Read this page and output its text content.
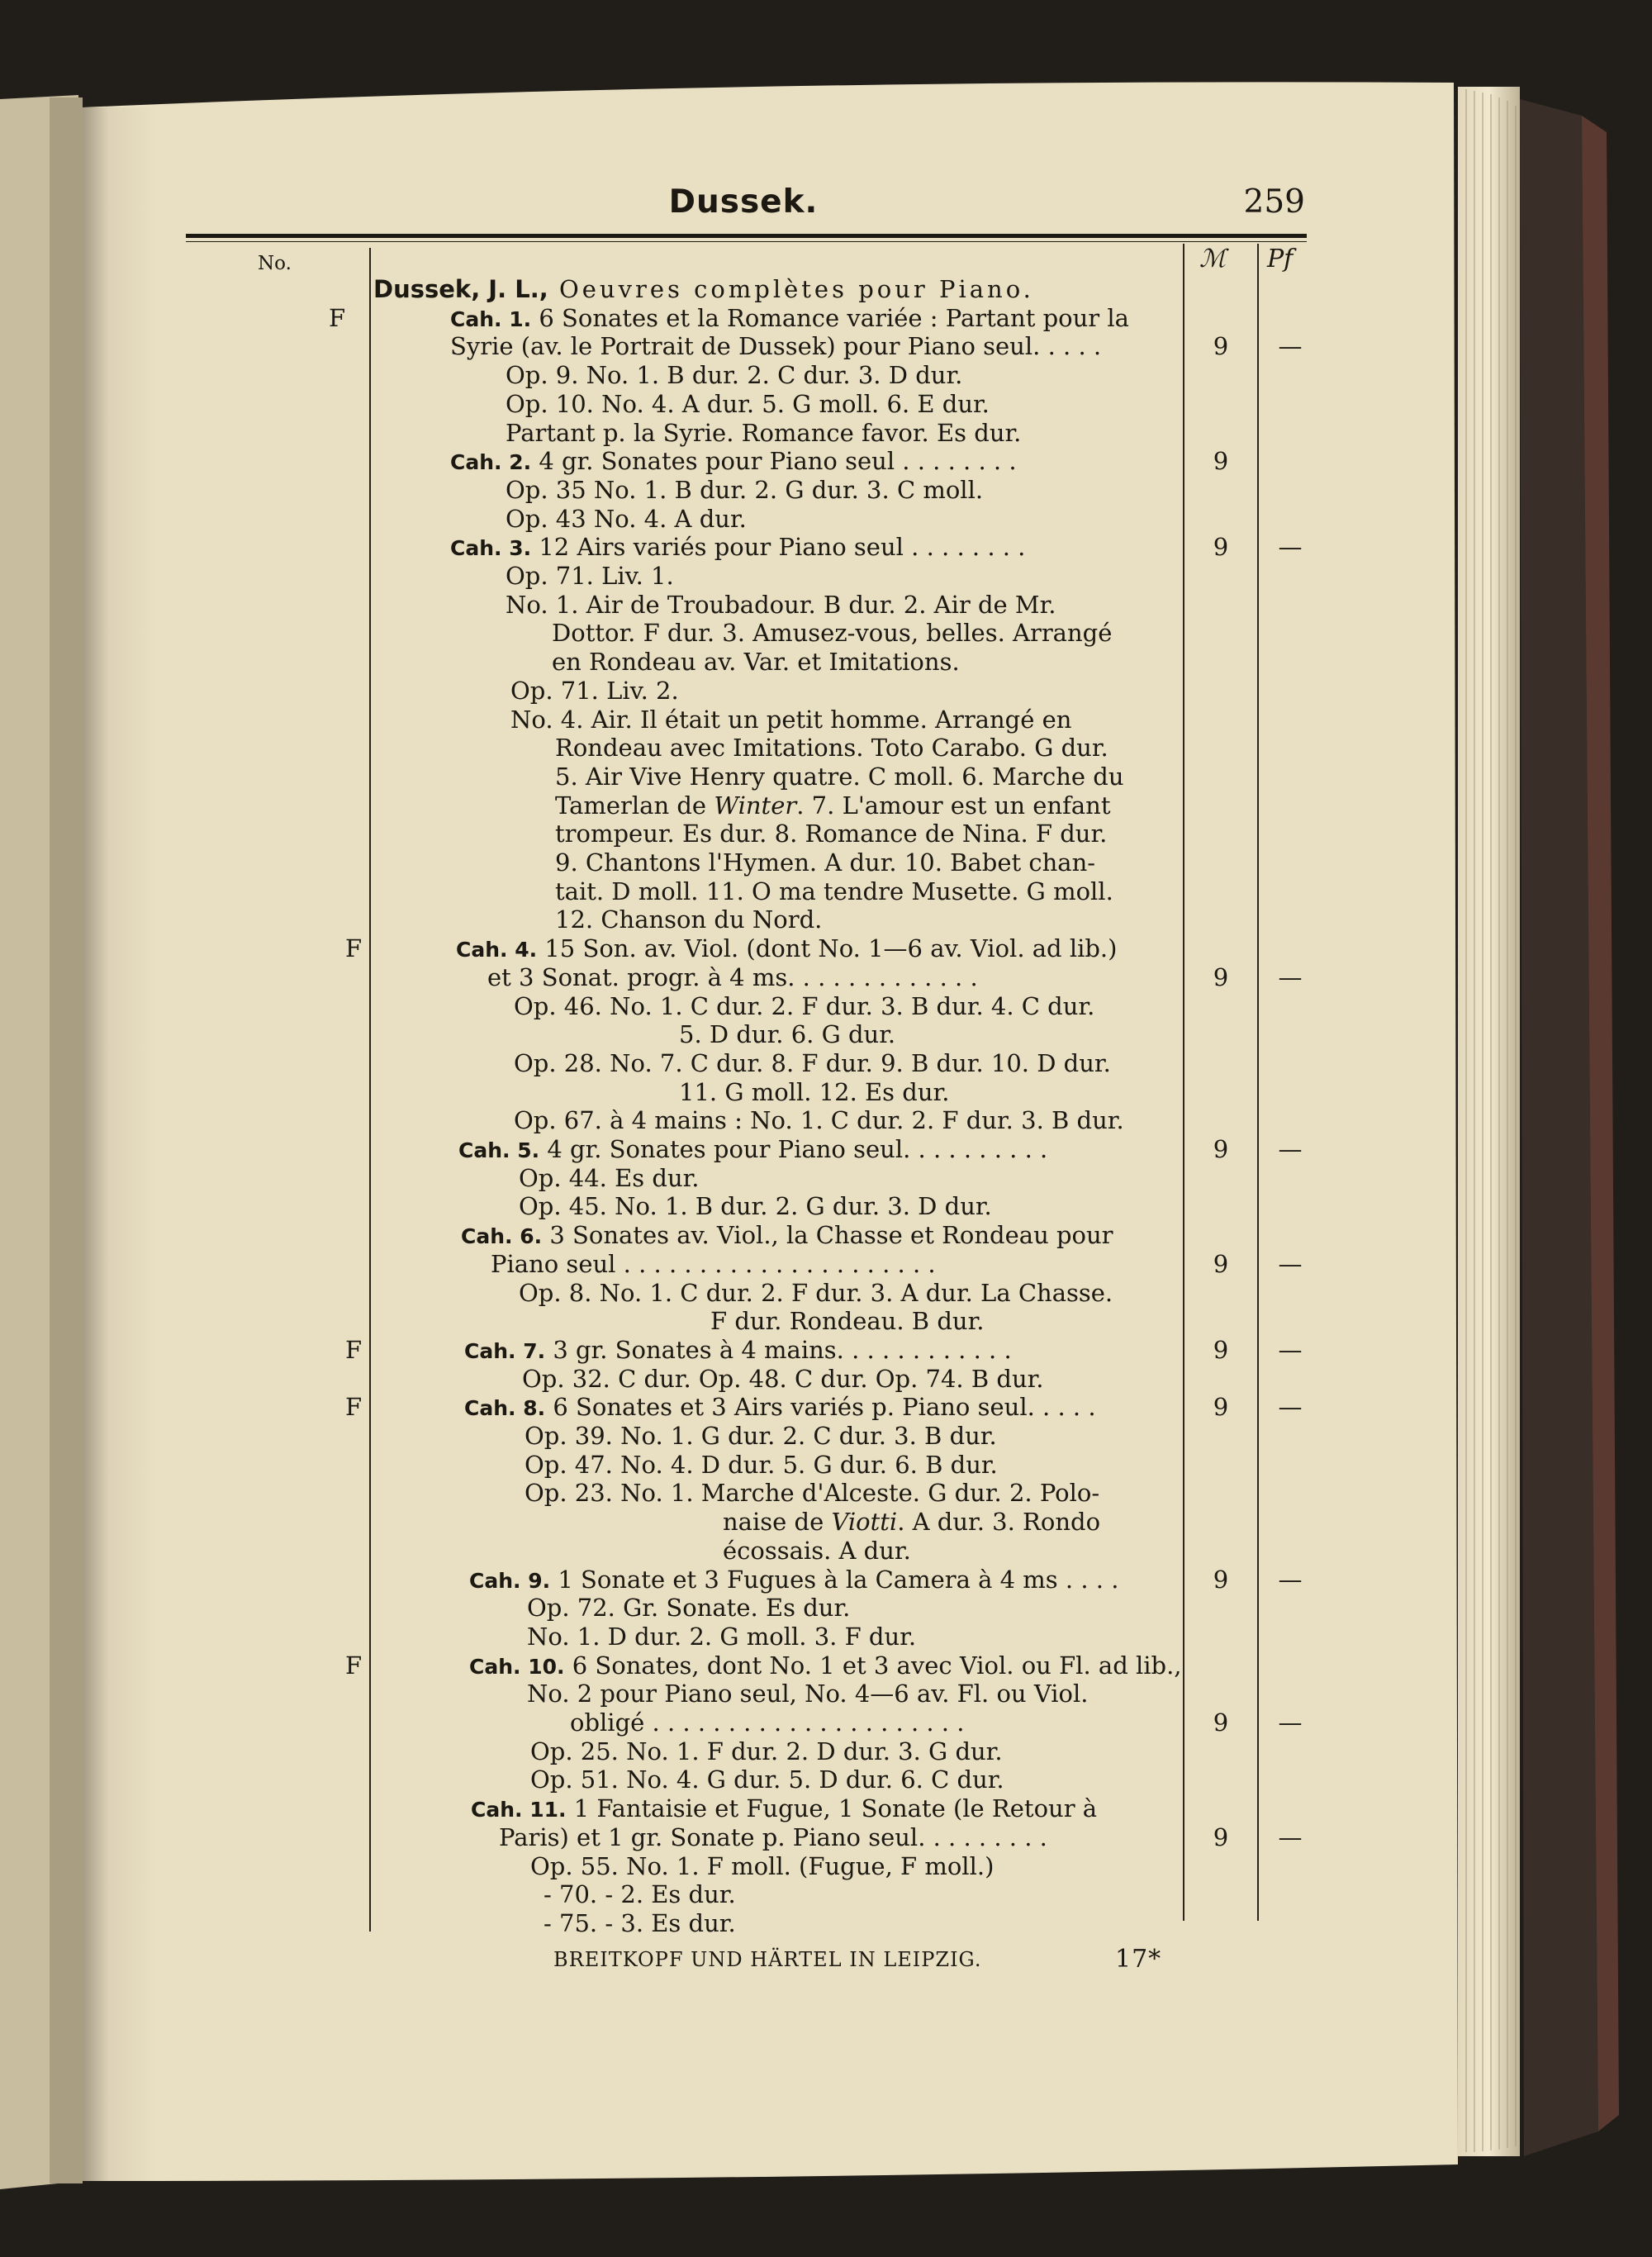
Dussek.	259
No.	ℳ Pf
Dussek, J. L., Oeuvres complètes pour Piano.
F	Cah. 1. 6 Sonates et la Romance variée : Partant pour la
Syrie (av. le Portrait de Dussek) pour Piano seul. . . . .	9	—
Op. 9. No. 1. B dur. 2. C dur. 3. D dur.
Op. 10. No. 4. A dur. 5. G moll. 6. E dur.
Partant p. la Syrie. Romance favor. Es dur.
Cah. 2. 4 gr. Sonates pour Piano seul . . . . . . . .	9
Op. 35 No. 1. B dur. 2. G dur. 3. C moll.
Op. 43 No. 4. A dur.
Cah. 3. 12 Airs variés pour Piano seul . . . . . . . .	9	—
Op. 71. Liv. 1.
No. 1. Air de Troubadour. B dur. 2. Air de Mr.
Dottor. F dur. 3. Amusez-vous, belles. Arrangé
en Rondeau av. Var. et Imitations.
Op. 71. Liv. 2.
No. 4. Air. Il était un petit homme. Arrangé en
Rondeau avec Imitations. Toto Carabo. G dur.
5. Air Vive Henry quatre. C moll. 6. Marche du
Tamerlan de Winter. 7. L'amour est un enfant
trompeur. Es dur. 8. Romance de Nina. F dur.
9. Chantons l'Hymen. A dur. 10. Babet chan-
tait. D moll. 11. O ma tendre Musette. G moll.
12. Chanson du Nord.
F	Cah. 4. 15 Son. av. Viol. (dont No. 1—6 av. Viol. ad lib.)
et 3 Sonat. progr. à 4 ms. . . . . . . . . . . . .	9	—
Op. 46. No. 1. C dur. 2. F dur. 3. B dur. 4. C dur.
5. D dur. 6. G dur.
Op. 28. No. 7. C dur. 8. F dur. 9. B dur. 10. D dur.
11. G moll. 12. Es dur.
Op. 67. à 4 mains : No. 1. C dur. 2. F dur. 3. B dur.
Cah. 5. 4 gr. Sonates pour Piano seul. . . . . . . . . .	9	—
Op. 44. Es dur.
Op. 45. No. 1. B dur. 2. G dur. 3. D dur.
Cah. 6. 3 Sonates av. Viol., la Chasse et Rondeau pour
Piano seul . . . . . . . . . . . . . . . . . . . . .	9	—
Op. 8. No. 1. C dur. 2. F dur. 3. A dur. La Chasse.
F dur. Rondeau. B dur.
F	Cah. 7. 3 gr. Sonates à 4 mains. . . . . . . . . . . .	9	—
Op. 32. C dur. Op. 48. C dur. Op. 74. B dur.
F	Cah. 8. 6 Sonates et 3 Airs variés p. Piano seul. . . . .	9	—
Op. 39. No. 1. G dur. 2. C dur. 3. B dur.
Op. 47. No. 4. D dur. 5. G dur. 6. B dur.
Op. 23. No. 1. Marche d'Alceste. G dur. 2. Polo-
naise de Viotti. A dur. 3. Rondo
écossais. A dur.
Cah. 9. 1 Sonate et 3 Fugues à la Camera à 4 ms . . . .	9	—
Op. 72. Gr. Sonate. Es dur.
No. 1. D dur. 2. G moll. 3. F dur.
F	Cah. 10. 6 Sonates, dont No. 1 et 3 avec Viol. ou Fl. ad lib.,
No. 2 pour Piano seul, No. 4—6 av. Fl. ou Viol.
obligé . . . . . . . . . . . . . . . . . . . . .	9	—
Op. 25. No. 1. F dur. 2. D dur. 3. G dur.
Op. 51. No. 4. G dur. 5. D dur. 6. C dur.
Cah. 11. 1 Fantaisie et Fugue, 1 Sonate (le Retour à
Paris) et 1 gr. Sonate p. Piano seul. . . . . . . . .	9	—
Op. 55. No. 1. F moll. (Fugue, F moll.)
- 70. - 2. Es dur.
- 75. - 3. Es dur.
BREITKOPF UND HÄRTEL IN LEIPZIG.	17*
